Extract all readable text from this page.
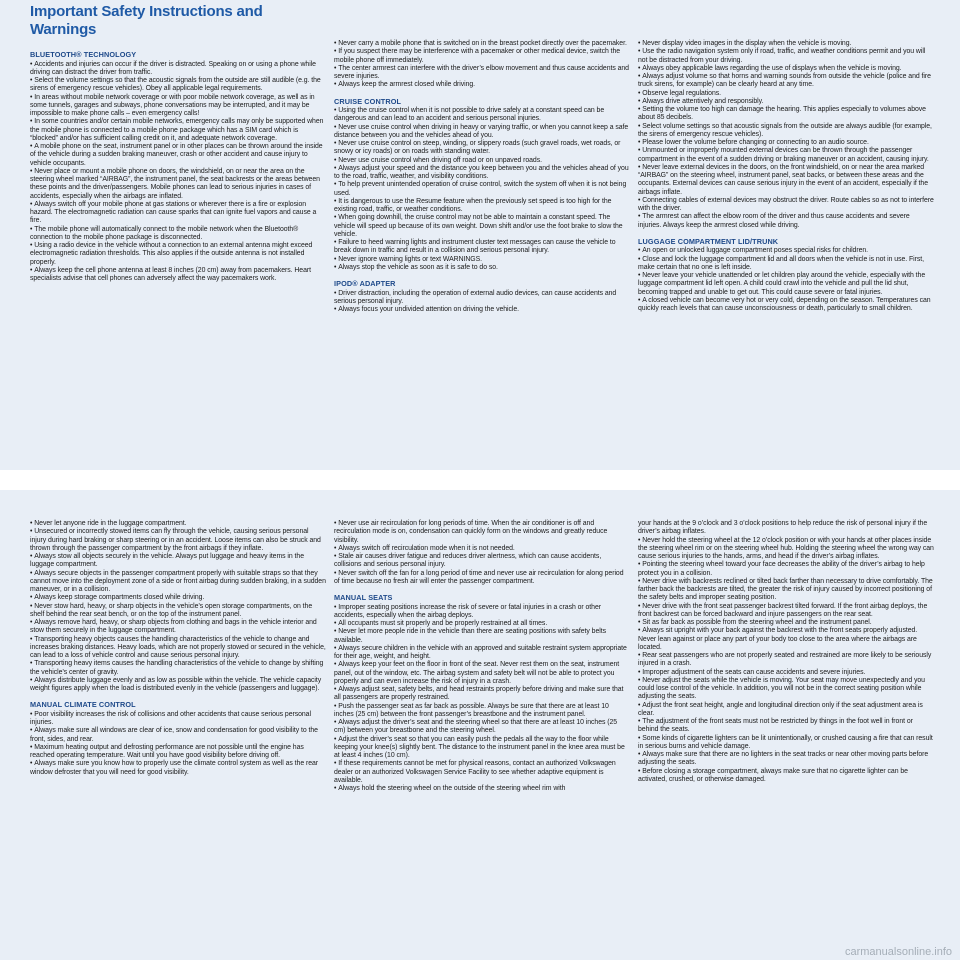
Important Safety Instructions and Warnings
BLUETOOTH® TECHNOLOGY

• Accidents and injuries can occur if the driver is distracted. Speaking on or using a phone while driving can distract the driver from traffic.

• Select the volume settings so that the acoustic signals from the outside are still audible (e.g. the sirens of emergency rescue vehicles). Obey all applicable legal requirements.

• In areas without mobile network coverage or with poor mobile network coverage, as well as in some tunnels, garages and subways, phone conversations may be interrupted, and it may be impossible to make phone calls – even emergency calls!

• In some countries and/or certain mobile networks, emergency calls may only be supported when the mobile phone is connected to a mobile phone package which has a SIM card which is “blocked” and/or has sufficient calling credit on it, and adequate network coverage.

• A mobile phone on the seat, instrument panel or in other places can be thrown around the inside of the vehicle during a sudden braking maneuver, crash or other accident and cause injury to vehicle occupants.

• Never place or mount a mobile phone on doors, the windshield, on or near the area on the steering wheel marked “AIRBAG”, the instrument panel, the seat backrests or the areas between these points and the driver/passengers. Mobile phones can lead to serious injuries in cases of accidents, especially when the airbags are inflated.

• Always switch off your mobile phone at gas stations or wherever there is a fire or explosion hazard. The electromagnetic radiation can cause sparks that can ignite fuel vapors and cause a fire.

• The mobile phone will automatically connect to the mobile network when the Bluetooth® connection to the mobile phone package is disconnected.

• Using a radio device in the vehicle without a connection to an external antenna might exceed electromagnetic radiation thresholds. This also applies if the outside antenna is not installed properly.

• Always keep the cell phone antenna at least 8 inches (20 cm) away from pacemakers. Heart specialists advise that cell phones can adversely affect the way pacemakers work.

• Never carry a mobile phone that is switched on in the breast pocket directly over the pacemaker.

• If you suspect there may be interference with a pacemaker or other medical device, switch the mobile phone off immediately.

• The center armrest can interfere with the driver’s elbow movement and thus cause accidents and severe injuries.

• Always keep the armrest closed while driving.

CRUISE CONTROL

• Using the cruise control when it is not possible to drive safely at a constant speed can be dangerous and can lead to an accident and serious personal injuries.

• Never use cruise control when driving in heavy or varying traffic, or when you cannot keep a safe distance between you and the vehicles ahead of you.

• Never use cruise control on steep, winding, or slippery roads (such gravel roads, wet roads, or snowy or icy roads) or on roads with standing water.

• Never use cruise control when driving off road or on unpaved roads.

• Always adjust your speed and the distance you keep between you and the vehicles ahead of you to the road, traffic, weather, and visibility conditions.

• To help prevent unintended operation of cruise control, switch the system off when it is not being used.

• It is dangerous to use the Resume feature when the previously set speed is too high for the existing road, traffic, or weather conditions.

• When going downhill, the cruise control may not be able to maintain a constant speed. The vehicle will speed up because of its own weight. Down shift and/or use the foot brake to slow the vehicle.

• Failure to heed warning lights and instrument cluster text messages can cause the vehicle to break down in traffic and result in a collision and serious personal injury.

• Never ignore warning lights or text WARNINGS.

• Always stop the vehicle as soon as it is safe to do so.

IPOD® ADAPTER

• Driver distraction, including the operation of external audio devices, can cause accidents and serious personal injury.

• Always focus your undivided attention on driving the vehicle.

• Never display video images in the display when the vehicle is moving.

• Use the radio navigation system only if road, traffic, and weather conditions permit and you will not be distracted from your driving.

• Always obey applicable laws regarding the use of displays when the vehicle is moving.

• Always adjust volume so that horns and warning sounds from outside the vehicle (police and fire truck sirens, for example) can be clearly heard at any time.

• Observe legal regulations.

• Always drive attentively and responsibly.

• Setting the volume too high can damage the hearing. This applies especially to volumes above about 85 decibels.

• Select volume settings so that acoustic signals from the outside are always audible (for example, the sirens of emergency rescue vehicles).

• Please lower the volume before changing or connecting to an audio source.

• Unmounted or improperly mounted external devices can be thrown through the passenger compartment in the event of a sudden driving or braking maneuver or an accident, causing injury.

• Never leave external devices in the doors, on the front windshield, on or near the area marked “AIRBAG” on the steering wheel, instrument panel, seat backs, or between these areas and the occupants. External devices can cause serious injury in the event of an accident, especially if the airbags inflate.

• Connecting cables of external devices may obstruct the driver. Route cables so as not to interfere with the driver.

• The armrest can affect the elbow room of the driver and thus cause accidents and severe injuries. Always keep the armrest closed while driving.

LUGGAGE COMPARTMENT LID/TRUNK

• An open or unlocked luggage compartment poses special risks for children.

• Close and lock the luggage compartment lid and all doors when the vehicle is not in use. First, make certain that no one is left inside.

• Never leave your vehicle unattended or let children play around the vehicle, especially with the luggage compartment lid left open. A child could crawl into the vehicle and pull the lid shut, becoming trapped and unable to get out. This could cause severe or fatal injuries.

• A closed vehicle can become very hot or very cold, depending on the season. Temperatures can quickly reach levels that can cause unconsciousness or death, particularly to small children.

• Never let anyone ride in the luggage compartment.

• Unsecured or incorrectly stowed items can fly through the vehicle, causing serious personal injury during hard braking or sharp steering or in an accident. Loose items can also be struck and thrown through the passenger compartment by the front airbags if they inflate.

• Always stow all objects securely in the vehicle. Always put luggage and heavy items in the luggage compartment.

• Always secure objects in the passenger compartment properly with suitable straps so that they cannot move into the deployment zone of a side or front airbag during sudden braking, in a sudden maneuver, or in a collision.

• Always keep storage compartments closed while driving.

• Never stow hard, heavy, or sharp objects in the vehicle’s open storage compartments, on the shelf behind the rear seat bench, or on the top of the instrument panel.

• Always remove hard, heavy, or sharp objects from clothing and bags in the vehicle interior and stow them securely in the luggage compartment.

• Transporting heavy objects causes the handling characteristics of the vehicle to change and increases braking distances. Heavy loads, which are not properly stowed or secured in the vehicle, can lead to a loss of vehicle control and cause serious personal injury.

• Transporting heavy items causes the handling characteristics of the vehicle to change by shifting the vehicle’s center of gravity.

• Always distribute luggage evenly and as low as possible within the vehicle. The vehicle capacity weight figures apply when the load is distributed evenly in the vehicle (passengers and luggage).

MANUAL CLIMATE CONTROL

• Poor visibility increases the risk of collisions and other accidents that cause serious personal injuries.

• Always make sure all windows are clear of ice, snow and condensation for good visibility to the front, sides, and rear.

• Maximum heating output and defrosting performance are not possible until the engine has reached operating temperature. Wait until you have good visibility before driving off.

• Always make sure you know how to properly use the climate control system as well as the rear window defroster that you will need for good visibility.

• Never use air recirculation for long periods of time. When the air conditioner is off and recirculation mode is on, condensation can quickly form on the windows and greatly reduce visibility.

• Always switch off recirculation mode when it is not needed.

• Stale air causes driver fatigue and reduces driver alertness, which can cause accidents, collisions and serious personal injury.

• Never switch off the fan for a long period of time and never use air recirculation for along period of time because no fresh air will enter the passenger compartment.

MANUAL SEATS

• Improper seating positions increase the risk of severe or fatal injuries in a crash or other accidents, especially when the airbag deploys.

• All occupants must sit properly and be properly restrained at all times.

• Never let more people ride in the vehicle than there are seating positions with safety belts available.

• Always secure children in the vehicle with an approved and suitable restraint system appropriate for their age, weight, and height.

• Always keep your feet on the floor in front of the seat. Never rest them on the seat, instrument panel, out of the window, etc. The airbag system and safety belt will not be able to protect you properly and can even increase the risk of injury in a crash.

• Always adjust seat, safety belts, and head restraints properly before driving and make sure that all passengers are properly restrained.

• Push the passenger seat as far back as possible. Always be sure that there are at least 10 inches (25 cm) between the front passenger’s breastbone and the instrument panel.

• Always adjust the driver’s seat and the steering wheel so that there are at least 10 inches (25 cm) between your breastbone and the steering wheel.

• Adjust the driver’s seat so that you can easily push the pedals all the way to the floor while keeping your knee(s) slightly bent. The distance to the instrument panel in the knee area must be at least 4 inches (10 cm).

• If these requirements cannot be met for physical reasons, contact an authorized Volkswagen dealer or an authorized Volkswagen Service Facility to see whether adaptive equipment is available.

• Always hold the steering wheel on the outside of the steering wheel rim with

your hands at the 9 o’clock and 3 o’clock positions to help reduce the risk of personal injury if the driver’s airbag inflates.

• Never hold the steering wheel at the 12 o’clock position or with your hands at other places inside the steering wheel rim or on the steering wheel hub. Holding the steering wheel the wrong way can cause serious injuries to the hands, arms, and head if the driver’s airbag inflates.

• Pointing the steering wheel toward your face decreases the ability of the driver’s airbag to help protect you in a collision.

• Never drive with backrests reclined or tilted back farther than necessary to drive comfortably. The farther back the backrests are tilted, the greater the risk of injury caused by incorrect positioning of the safety belts and improper seating position.

• Never drive with the front seat passenger backrest tilted forward. If the front airbag deploys, the front backrest can be forced backward and injure passengers on the rear seat.

• Sit as far back as possible from the steering wheel and the instrument panel.

• Always sit upright with your back against the backrest with the front seats properly adjusted. Never lean against or place any part of your body too close to the area where the airbags are located.

• Rear seat passengers who are not properly seated and restrained are more likely to be seriously injured in a crash.

• Improper adjustment of the seats can cause accidents and severe injuries.

• Never adjust the seats while the vehicle is moving. Your seat may move unexpectedly and you could lose control of the vehicle. In addition, you will not be in the correct seating position while adjusting the seats.

• Adjust the front seat height, angle and longitudinal direction only if the seat adjustment area is clear.

• The adjustment of the front seats must not be restricted by things in the foot well in front or behind the seats.

• Some kinds of cigarette lighters can be lit unintentionally, or crushed causing a fire that can result in serious burns and vehicle damage.

• Always make sure that there are no lighters in the seat tracks or near other moving parts before adjusting the seats.

• Before closing a storage compartment, always make sure that no cigarette lighter can be activated, crushed, or otherwise damaged.

carmanualsonline.info
